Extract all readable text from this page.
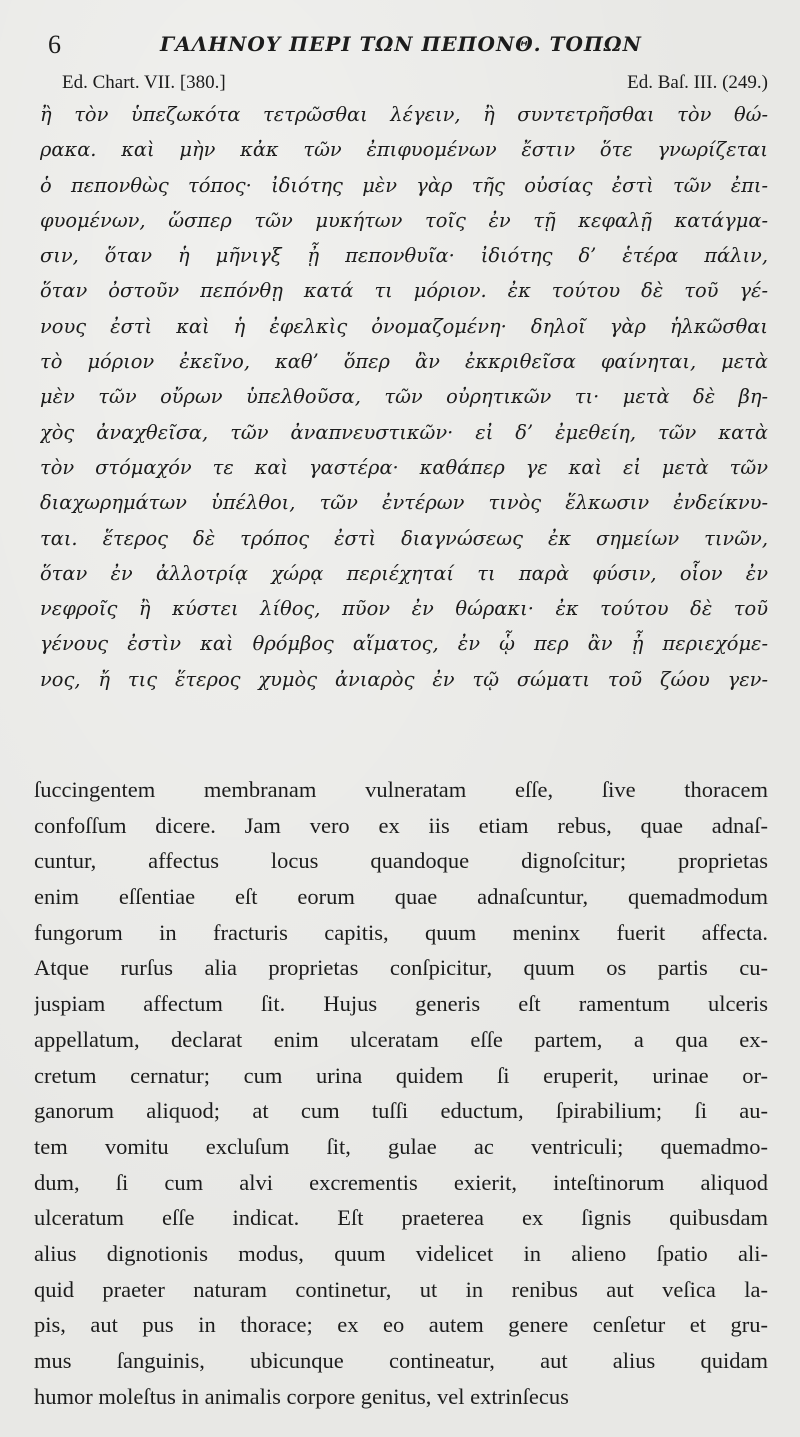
6	ΓΑΛΗΝΟΥ ΠΕΡΙ ΤΩΝ ΠΕΠΟΝΘ. ΤΟΠΩΝ
Ed. Chart. VII. [380.]	Ed. Baſ. III. (249.)
ἢ τὸν ὑπεζωκότα τετρῶσθαι λέγειν, ἢ συντετρῆσθαι τὸν θώ-
ρακα. καὶ μὴν κἀκ τῶν ἐπιφυομένων ἔστιν ὅτε γνωρίζεται
ὁ πεπονθὼς τόπος· ἰδιότης μὲν γὰρ τῆς οὐσίας ἐστὶ τῶν ἐπι-
φυομένων, ὥσπερ τῶν μυκήτων τοῖς ἐν τῇ κεφαλῇ κατάγμα-
σιν, ὅταν ἡ μῆνιγξ ᾖ πεπονθυῖα· ἰδιότης δ’ ἑτέρα πάλιν,
ὅταν ὀστοῦν πεπόνθῃ κατά τι μόριον. ἐκ τούτου δὲ τοῦ γέ-
νους ἐστὶ καὶ ἡ ἐφελκὶς ὀνομαζομένη· δηλοῖ γὰρ ἡλκῶσθαι
τὸ μόριον ἐκεῖνο, καθ’ ὅπερ ἂν ἐκκριθεῖσα φαίνηται, μετὰ
μὲν τῶν οὔρων ὑπελθοῦσα, τῶν οὐρητικῶν τι· μετὰ δὲ βη-
χὸς ἀναχθεῖσα, τῶν ἀναπνευστικῶν· εἰ δ’ ἐμεθείη, τῶν κατὰ
τὸν στόμαχόν τε καὶ γαστέρα· καθάπερ γε καὶ εἰ μετὰ τῶν
διαχωρημάτων ὑπέλθοι, τῶν ἐντέρων τινὸς ἕλκωσιν ἐνδείκνυ-
ται. ἕτερος δὲ τρόπος ἐστὶ διαγνώσεως ἐκ σημείων τινῶν,
ὅταν ἐν ἀλλοτρίᾳ χώρᾳ περιέχηταί τι παρὰ φύσιν, οἷον ἐν
νεφροῖς ἢ κύστει λίθος, πῦον ἐν θώρακι· ἐκ τούτου δὲ τοῦ
γένους ἐστὶν καὶ θρόμβος αἵματος, ἐν ᾧ περ ἂν ᾖ περιεχόμε-
νος, ἤ τις ἕτερος χυμὸς ἀνιαρὸς ἐν τῷ σώματι τοῦ ζώου γεν-
ſuccingentem membranam vulneratam eſſe, ſive thoracem
confoſſum dicere. Jam vero ex iis etiam rebus, quae adnaſ-
cuntur, affectus locus quandoque dignoſcitur; proprietas
enim eſſentiae eſt eorum quae adnaſcuntur, quemadmodum
fungorum in fracturis capitis, quum meninx fuerit affecta.
Atque rurſus alia proprietas conſpicitur, quum os partis cu-
juspiam affectum ſit. Hujus generis eſt ramentum ulceris
appellatum, declarat enim ulceratam eſſe partem, a qua ex-
cretum cernatur; cum urina quidem ſi eruperit, urinae or-
ganorum aliquod; at cum tuſſi eductum, ſpirabilium; ſi au-
tem vomitu excluſum ſit, gulae ac ventriculi; quemadmo-
dum, ſi cum alvi excrementis exierit, inteſtinorum aliquod
ulceratum eſſe indicat. Eſt praeterea ex ſignis quibusdam
alius dignotionis modus, quum videlicet in alieno ſpatio ali-
quid praeter naturam continetur, ut in renibus aut veſica la-
pis, aut pus in thorace; ex eo autem genere cenſetur et gru-
mus ſanguinis, ubicunque contineatur, aut alius quidam
humor moleſtus in animalis corpore genitus, vel extrinſecus
